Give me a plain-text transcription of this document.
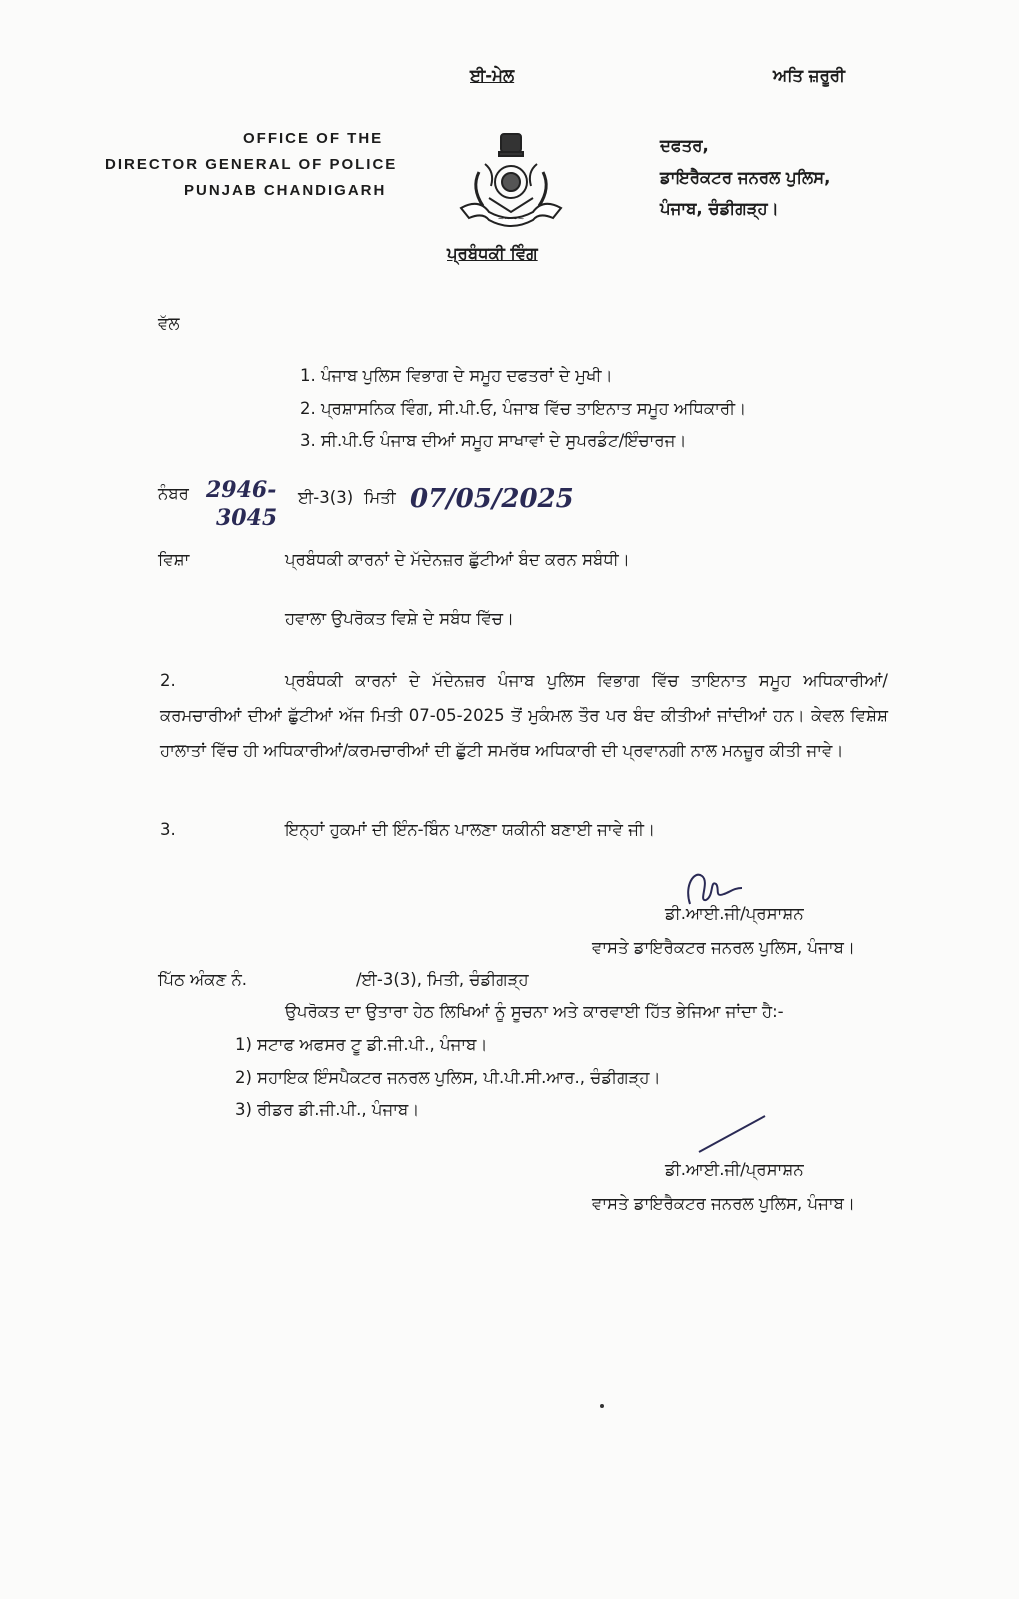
ਈ-ਮੇਲ	ਅਤਿ ਜ਼ਰੂਰੀ
OFFICE OF THE
DIRECTOR GENERAL OF POLICE
PUNJAB CHANDIGARH
~~~~
ਪ੍ਰਬੰਧਕੀ ਵਿੰਗ
ਦਫਤਰ,
ਡਾਇਰੈਕਟਰ ਜਨਰਲ ਪੁਲਿਸ,
ਪੰਜਾਬ, ਚੰਡੀਗੜ੍ਹ।
ਵੱਲ
1. ਪੰਜਾਬ ਪੁਲਿਸ ਵਿਭਾਗ ਦੇ ਸਮੂਹ ਦਫਤਰਾਂ ਦੇ ਮੁਖੀ।
2. ਪ੍ਰਸ਼ਾਸਨਿਕ ਵਿੰਗ, ਸੀ.ਪੀ.ਓ, ਪੰਜਾਬ ਵਿੱਚ ਤਾਇਨਾਤ ਸਮੂਹ ਅਧਿਕਾਰੀ।
3. ਸੀ.ਪੀ.ਓ ਪੰਜਾਬ ਦੀਆਂ ਸਮੂਹ ਸਾਖਾਵਾਂ ਦੇ ਸੁਪਰਡੰਟ/ਇੰਚਾਰਜ।
ਨੰਬਰ 2946-
3045
ਈ-3(3) ਮਿਤੀ 07/05/2025
ਵਿਸ਼ਾ	ਪ੍ਰਬੰਧਕੀ ਕਾਰਨਾਂ ਦੇ ਮੱਦੇਨਜ਼ਰ ਛੁੱਟੀਆਂ ਬੰਦ ਕਰਨ ਸਬੰਧੀ।
ਹਵਾਲਾ ਉਪਰੋਕਤ ਵਿਸ਼ੇ ਦੇ ਸਬੰਧ ਵਿੱਚ।
2.	ਪ੍ਰਬੰਧਕੀ ਕਾਰਨਾਂ ਦੇ ਮੱਦੇਨਜ਼ਰ ਪੰਜਾਬ ਪੁਲਿਸ ਵਿਭਾਗ ਵਿੱਚ ਤਾਇਨਾਤ ਸਮੂਹ ਅਧਿਕਾਰੀਆਂ/ਕਰਮਚਾਰੀਆਂ ਦੀਆਂ ਛੁੱਟੀਆਂ ਅੱਜ ਮਿਤੀ 07-05-2025 ਤੋਂ ਮੁਕੰਮਲ ਤੌਰ ਪਰ ਬੰਦ ਕੀਤੀਆਂ ਜਾਂਦੀਆਂ ਹਨ। ਕੇਵਲ ਵਿਸ਼ੇਸ਼ ਹਾਲਾਤਾਂ ਵਿੱਚ ਹੀ ਅਧਿਕਾਰੀਆਂ/ਕਰਮਚਾਰੀਆਂ ਦੀ ਛੁੱਟੀ ਸਮਰੱਥ ਅਧਿਕਾਰੀ ਦੀ ਪ੍ਰਵਾਨਗੀ ਨਾਲ ਮਨਜ਼ੂਰ ਕੀਤੀ ਜਾਵੇ।
3.	ਇਨ੍ਹਾਂ ਹੁਕਮਾਂ ਦੀ ਇੰਨ-ਬਿੰਨ ਪਾਲਣਾ ਯਕੀਨੀ ਬਣਾਈ ਜਾਵੇ ਜੀ।
ਡੀ.ਆਈ.ਜੀ/ਪ੍ਰਸਾਸ਼ਨ
ਵਾਸਤੇ ਡਾਇਰੈਕਟਰ ਜਨਰਲ ਪੁਲਿਸ, ਪੰਜਾਬ।
ਪਿੱਠ ਅੰਕਣ ਨੰ.	/ਈ-3(3), ਮਿਤੀ, ਚੰਡੀਗੜ੍ਹ
ਉਪਰੋਕਤ ਦਾ ਉਤਾਰਾ ਹੇਠ ਲਿਖਿਆਂ ਨੂੰ ਸੂਚਨਾ ਅਤੇ ਕਾਰਵਾਈ ਹਿੱਤ ਭੇਜਿਆ ਜਾਂਦਾ ਹੈ:-
1) ਸਟਾਫ ਅਫਸਰ ਟੂ ਡੀ.ਜੀ.ਪੀ., ਪੰਜਾਬ।
2) ਸਹਾਇਕ ਇੰਸਪੈਕਟਰ ਜਨਰਲ ਪੁਲਿਸ, ਪੀ.ਪੀ.ਸੀ.ਆਰ., ਚੰਡੀਗੜ੍ਹ।
3) ਰੀਡਰ ਡੀ.ਜੀ.ਪੀ., ਪੰਜਾਬ।
ਡੀ.ਆਈ.ਜੀ/ਪ੍ਰਸਾਸ਼ਨ
ਵਾਸਤੇ ਡਾਇਰੈਕਟਰ ਜਨਰਲ ਪੁਲਿਸ, ਪੰਜਾਬ।
